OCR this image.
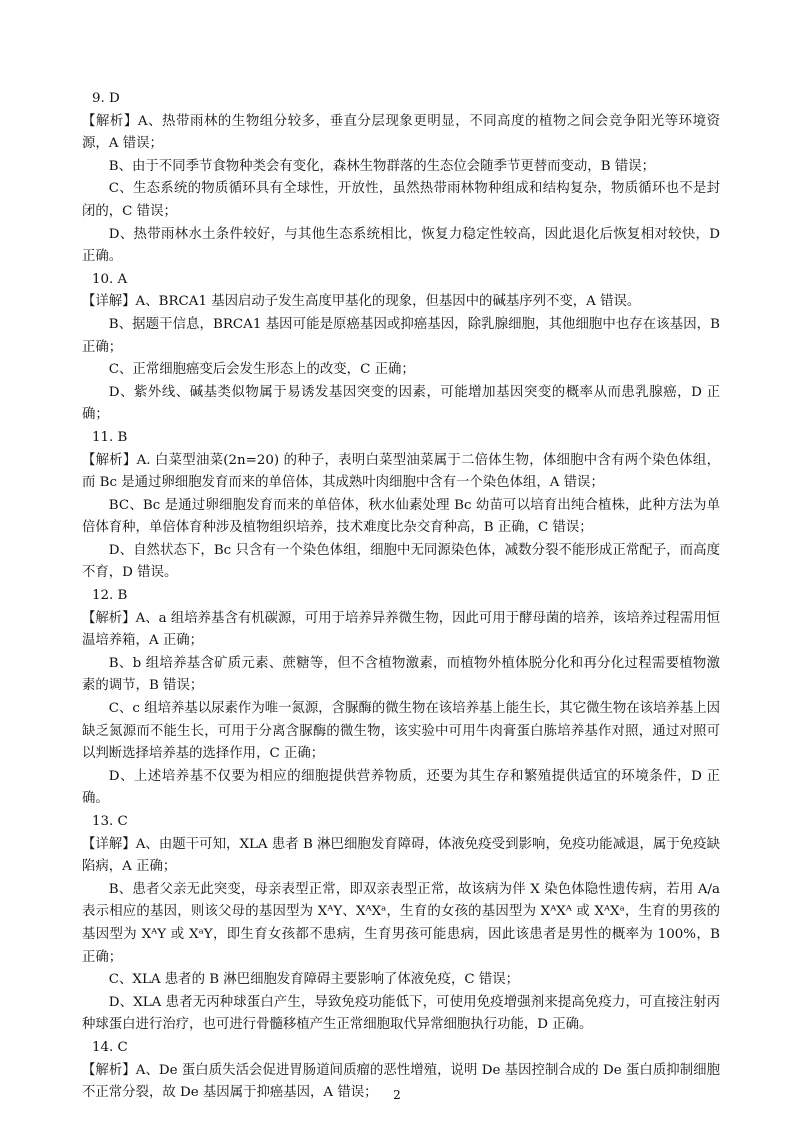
9. D

【解析】A、热带雨林的生物组分较多，垂直分层现象更明显，不同高度的植物之间会竞争阳光等环境资源，A 错误；

B、由于不同季节食物种类会有变化，森林生物群落的生态位会随季节更替而变动，B 错误；

C、生态系统的物质循环具有全球性，开放性，虽然热带雨林物种组成和结构复杂，物质循环也不是封闭的，C 错误；

D、热带雨林水土条件较好，与其他生态系统相比，恢复力稳定性较高，因此退化后恢复相对较快，D 正确。

10. A

【详解】A、BRCA1 基因启动子发生高度甲基化的现象，但基因中的碱基序列不变，A 错误。

B、据题干信息，BRCA1 基因可能是原癌基因或抑癌基因，除乳腺细胞，其他细胞中也存在该基因，B 正确；

C、正常细胞癌变后会发生形态上的改变，C 正确；

D、紫外线、碱基类似物属于易诱发基因突变的因素，可能增加基因突变的概率从而患乳腺癌，D 正确；

11. B

【解析】A. 白菜型油菜(2n=20) 的种子，表明白菜型油菜属于二倍体生物，体细胞中含有两个染色体组，而 Bc 是通过卵细胞发育而来的单倍体，其成熟叶肉细胞中含有一个染色体组，A 错误；

BC、Bc 是通过卵细胞发育而来的单倍体，秋水仙素处理 Bc 幼苗可以培育出纯合植株，此种方法为单倍体育种，单倍体育种涉及植物组织培养，技术难度比杂交育种高，B 正确，C 错误；

D、自然状态下，Bc 只含有一个染色体组，细胞中无同源染色体，减数分裂不能形成正常配子，而高度不育，D 错误。

12. B

【解析】A、a 组培养基含有机碳源，可用于培养异养微生物，因此可用于酵母菌的培养，该培养过程需用恒温培养箱，A 正确；

B、b 组培养基含矿质元素、蔗糖等，但不含植物激素，而植物外植体脱分化和再分化过程需要植物激素的调节，B 错误；

C、c 组培养基以尿素作为唯一氮源，含脲酶的微生物在该培养基上能生长，其它微生物在该培养基上因缺乏氮源而不能生长，可用于分离含脲酶的微生物，该实验中可用牛肉膏蛋白胨培养基作对照，通过对照可以判断选择培养基的选择作用，C 正确；

D、上述培养基不仅要为相应的细胞提供营养物质，还要为其生存和繁殖提供适宜的环境条件，D 正确。

13. C

【详解】A、由题干可知，XLA 患者 B 淋巴细胞发育障碍，体液免疫受到影响，免疫功能减退，属于免疫缺陷病，A 正确；

B、患者父亲无此突变，母亲表型正常，即双亲表型正常，故该病为伴 X 染色体隐性遗传病，若用 A/a 表示相应的基因，则该父母的基因型为 XᴬY、XᴬXᵃ，生育的女孩的基因型为 XᴬXᴬ 或 XᴬXᵃ，生育的男孩的基因型为 XᴬY 或 XᵃY，即生育女孩都不患病，生育男孩可能患病，因此该患者是男性的概率为 100%，B 正确；

C、XLA 患者的 B 淋巴细胞发育障碍主要影响了体液免疫，C 错误；

D、XLA 患者无丙种球蛋白产生，导致免疫功能低下，可使用免疫增强剂来提高免疫力，可直接注射丙种球蛋白进行治疗，也可进行骨髓移植产生正常细胞取代异常细胞执行功能，D 正确。

14. C

【解析】A、De 蛋白质失活会促进胃肠道间质瘤的恶性增殖，说明 De 基因控制合成的 De 蛋白质抑制细胞不正常分裂，故 De 基因属于抑癌基因，A 错误；	2
